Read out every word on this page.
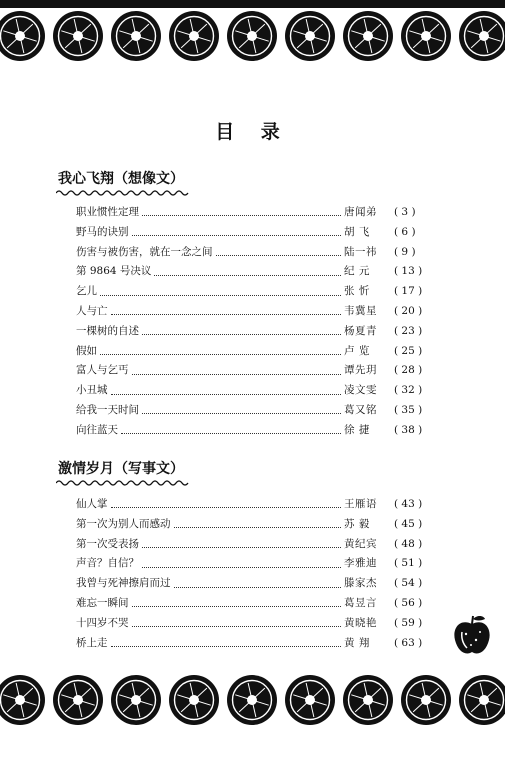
目 录
我心飞翔（想像文）
职业惯性定理	唐闻弟	( 3 )
野马的诀别	胡 飞	( 6 )
伤害与被伤害，就在一念之间	陆一祎	( 9 )
第 9864 号决议	纪 元	( 13 )
乞儿	张 忻	( 17 )
人与亡	韦冀星	( 20 )
一棵树的自述	杨夏青	( 23 )
假如	卢 览	( 25 )
富人与乞丐	谭先玥	( 28 )
小丑城	凌文雯	( 32 )
给我一天时间	葛又铭	( 35 )
向往蓝天	徐 捷	( 38 )
激情岁月（写事文）
仙人掌	王雁语	( 43 )
第一次为别人而感动	苏 毅	( 45 )
第一次受表扬	黄纪宾	( 48 )
声音？自信？	李雅迪	( 51 )
我曾与死神擦肩而过	滕家杰	( 54 )
难忘一瞬间	葛昱言	( 56 )
十四岁不哭	黄晓艳	( 59 )
桥上走	黄 翔	( 63 )
